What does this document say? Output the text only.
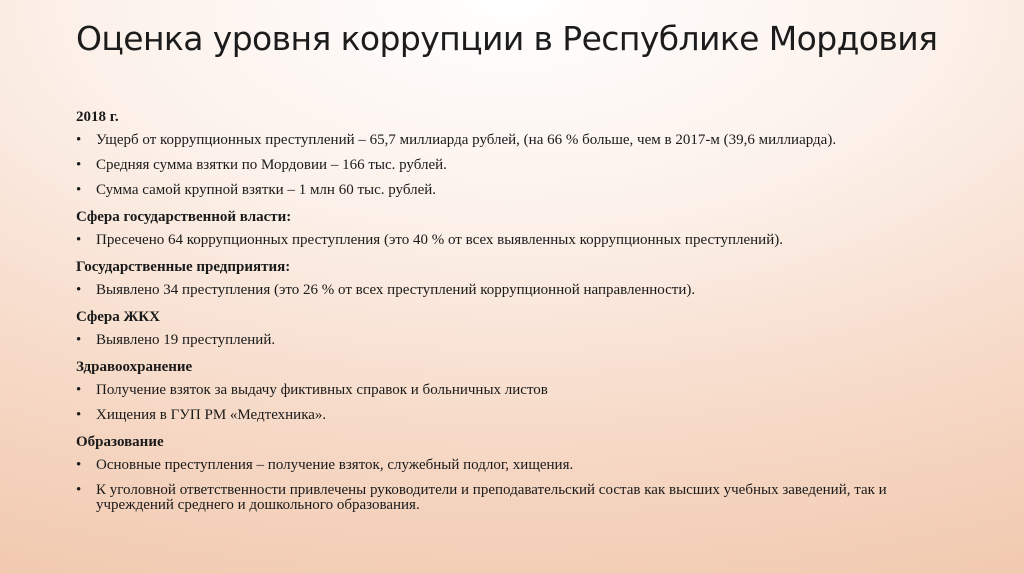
Оценка уровня коррупции в Республике Мордовия
2018 г.
• Ущерб от коррупционных преступлений – 65,7 миллиарда рублей, (на 66 % больше, чем в 2017-м (39,6 миллиарда).
• Средняя сумма взятки по Мордовии – 166 тыс. рублей.
• Сумма самой крупной взятки – 1 млн 60 тыс. рублей.
Сфера государственной власти:
• Пресечено 64 коррупционных преступления (это 40 % от всех выявленных коррупционных преступлений).
Государственные предприятия:
• Выявлено 34 преступления (это 26 % от всех преступлений коррупционной направленности).
Сфера ЖКХ
• Выявлено 19 преступлений.
Здравоохранение
• Получение взяток за выдачу фиктивных справок и больничных листов
• Хищения в ГУП РМ «Медтехника».
Образование
• Основные преступления – получение взяток, служебный подлог, хищения.
• К уголовной ответственности привлечены руководители и преподавательский состав как высших учебных заведений, так и учреждений среднего и дошкольного образования.
